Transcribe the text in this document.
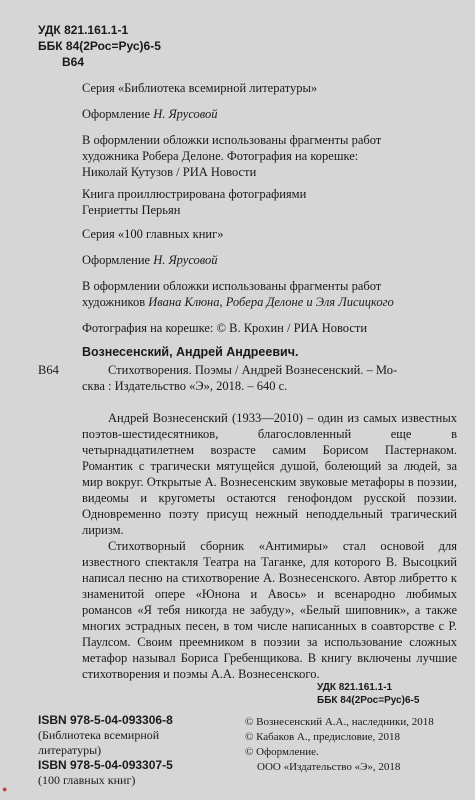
УДК 821.161.1-1
ББК 84(2Рос=Рус)6-5
В64
Серия «Библиотека всемирной литературы»
Оформление Н. Ярусовой
В оформлении обложки использованы фрагменты работ
художника Робера Делоне. Фотография на корешке:
Николай Кутузов / РИА Новости
Книга проиллюстрирована фотографиями
Генриетты Перьян
Серия «100 главных книг»
Оформление Н. Ярусовой
В оформлении обложки использованы фрагменты работ
художников Ивана Клюна, Робера Делоне и Эля Лисицкого
Фотография на корешке: © В. Крохин / РИА Новости
Вознесенский, Андрей Андреевич.
В64	Стихотворения. Поэмы / Андрей Вознесенский. – Мо-
сква : Издательство «Э», 2018. – 640 с.
Андрей Вознесенский (1933—2010) – один из самых известных поэтов-шестидесятников, благословленный еще в четырнадцатилетнем возрасте самим Борисом Пастернаком. Романтик с трагически мятущейся душой, болеющий за людей, за мир вокруг. Открытые А. Вознесенским звуковые метафоры в поэзии, видеомы и кругометы остаются генофондом русской поэзии. Одновременно поэту присущ нежный неподдельный трагический лиризм.
Стихотворный сборник «Антимиры» стал основой для известного спектакля Театра на Таганке, для которого В. Высоцкий написал песню на стихотворение А. Вознесенского. Автор либретто к знаменитой опере «Юнона и Авось» и всенародно любимых романсов «Я тебя никогда не забуду», «Белый шиповник», а также многих эстрадных песен, в том числе написанных в соавторстве с Р. Паулсом. Своим преемником в поэзии за использование сложных метафор называл Бориса Гребенщикова. В книгу включены лучшие стихотворения и поэмы А.А. Вознесенского.
УДК 821.161.1-1
ББК 84(2Рос=Рус)6-5
ISBN 978-5-04-093306-8
(Библиотека всемирной
литературы)
ISBN 978-5-04-093307-5
(100 главных книг)
© Вознесенский А.А., наследники, 2018
© Кабаков А., предисловие, 2018
© Оформление.
ООО «Издательство «Э», 2018
●
